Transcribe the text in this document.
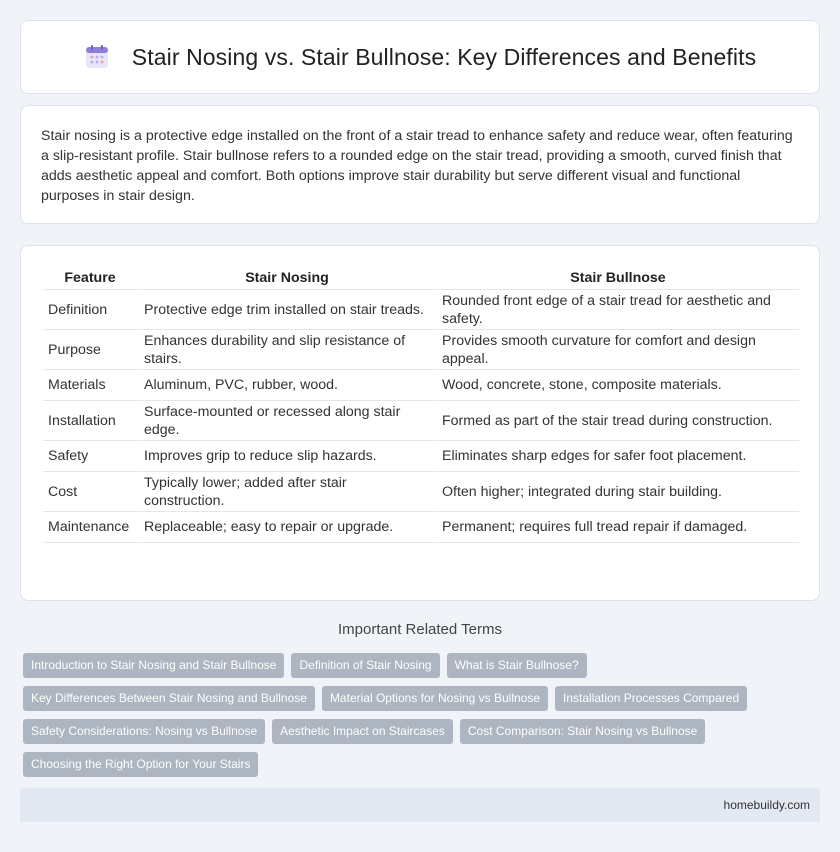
Stair Nosing vs. Stair Bullnose: Key Differences and Benefits

Stair nosing is a protective edge installed on the front of a stair tread to enhance safety and reduce wear, often featuring a slip-resistant profile. Stair bullnose refers to a rounded edge on the stair tread, providing a smooth, curved finish that adds aesthetic appeal and comfort. Both options improve stair durability but serve different visual and functional purposes in stair design.

Feature	Stair Nosing	Stair Bullnose
Definition	Protective edge trim installed on stair treads.	Rounded front edge of a stair tread for aesthetic and safety.
Purpose	Enhances durability and slip resistance of stairs.	Provides smooth curvature for comfort and design appeal.
Materials	Aluminum, PVC, rubber, wood.	Wood, concrete, stone, composite materials.
Installation	Surface-mounted or recessed along stair edge.	Formed as part of the stair tread during construction.
Safety	Improves grip to reduce slip hazards.	Eliminates sharp edges for safer foot placement.
Cost	Typically lower; added after stair construction.	Often higher; integrated during stair building.
Maintenance	Replaceable; easy to repair or upgrade.	Permanent; requires full tread repair if damaged.
Important Related Terms
Introduction to Stair Nosing and Stair Bullnose	Definition of Stair Nosing	What is Stair Bullnose?
Key Differences Between Stair Nosing and Bullnose	Material Options for Nosing vs Bullnose	Installation Processes Compared
Safety Considerations: Nosing vs Bullnose	Aesthetic Impact on Staircases	Cost Comparison: Stair Nosing vs Bullnose
Choosing the Right Option for Your Stairs
homebuildy.com
